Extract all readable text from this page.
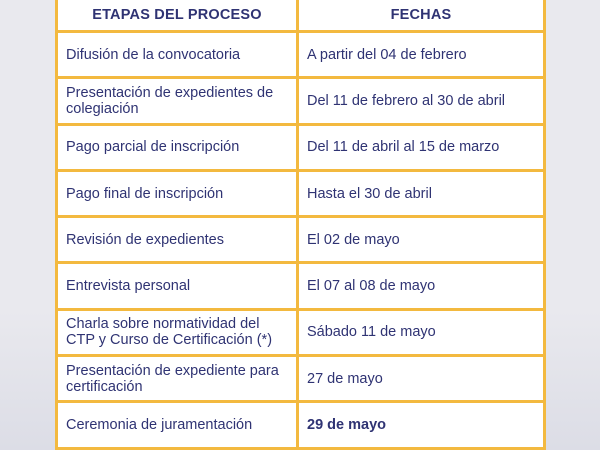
ETAPAS DEL PROCESO	FECHAS
Difusión de la convocatoria	A partir del 04 de febrero
Presentación de expedientes de colegiación	Del 11 de febrero al 30 de abril
Pago parcial de inscripción	Del 11 de abril al 15 de marzo
Pago final de inscripción	Hasta el 30 de abril
Revisión de expedientes	El 02 de mayo
Entrevista personal	El 07 al 08 de mayo
Charla sobre normatividad del CTP y Curso de Certificación (*)	Sábado 11 de mayo
Presentación de expediente para certificación	27 de mayo
Ceremonia de juramentación	29 de mayo
